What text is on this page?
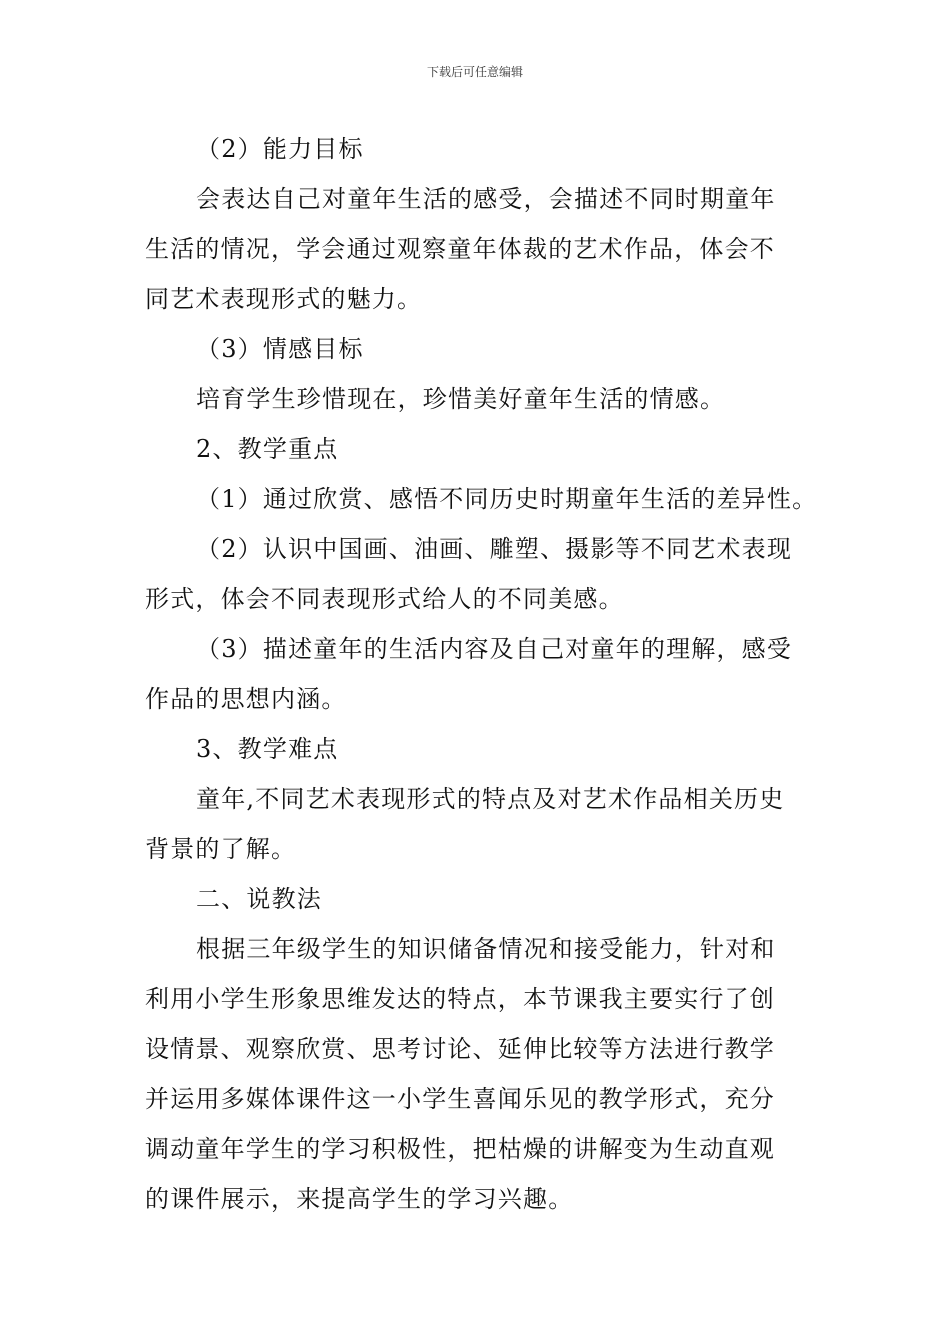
下载后可任意编辑
（2）能力目标
会表达自己对童年生活的感受，会描述不同时期童年
生活的情况，学会通过观察童年体裁的艺术作品，体会不
同艺术表现形式的魅力。
（3）情感目标
培育学生珍惜现在，珍惜美好童年生活的情感。
2、教学重点
（1）通过欣赏、感悟不同历史时期童年生活的差异性。
（2）认识中国画、油画、雕塑、摄影等不同艺术表现
形式，体会不同表现形式给人的不同美感。
（3）描述童年的生活内容及自己对童年的理解，感受
作品的思想内涵。
3、教学难点
童年,不同艺术表现形式的特点及对艺术作品相关历史
背景的了解。
二、说教法
根据三年级学生的知识储备情况和接受能力，针对和
利用小学生形象思维发达的特点，本节课我主要实行了创
设情景、观察欣赏、思考讨论、延伸比较等方法进行教学
并运用多媒体课件这一小学生喜闻乐见的教学形式，充分
调动童年学生的学习积极性，把枯燥的讲解变为生动直观
的课件展示，来提高学生的学习兴趣。
